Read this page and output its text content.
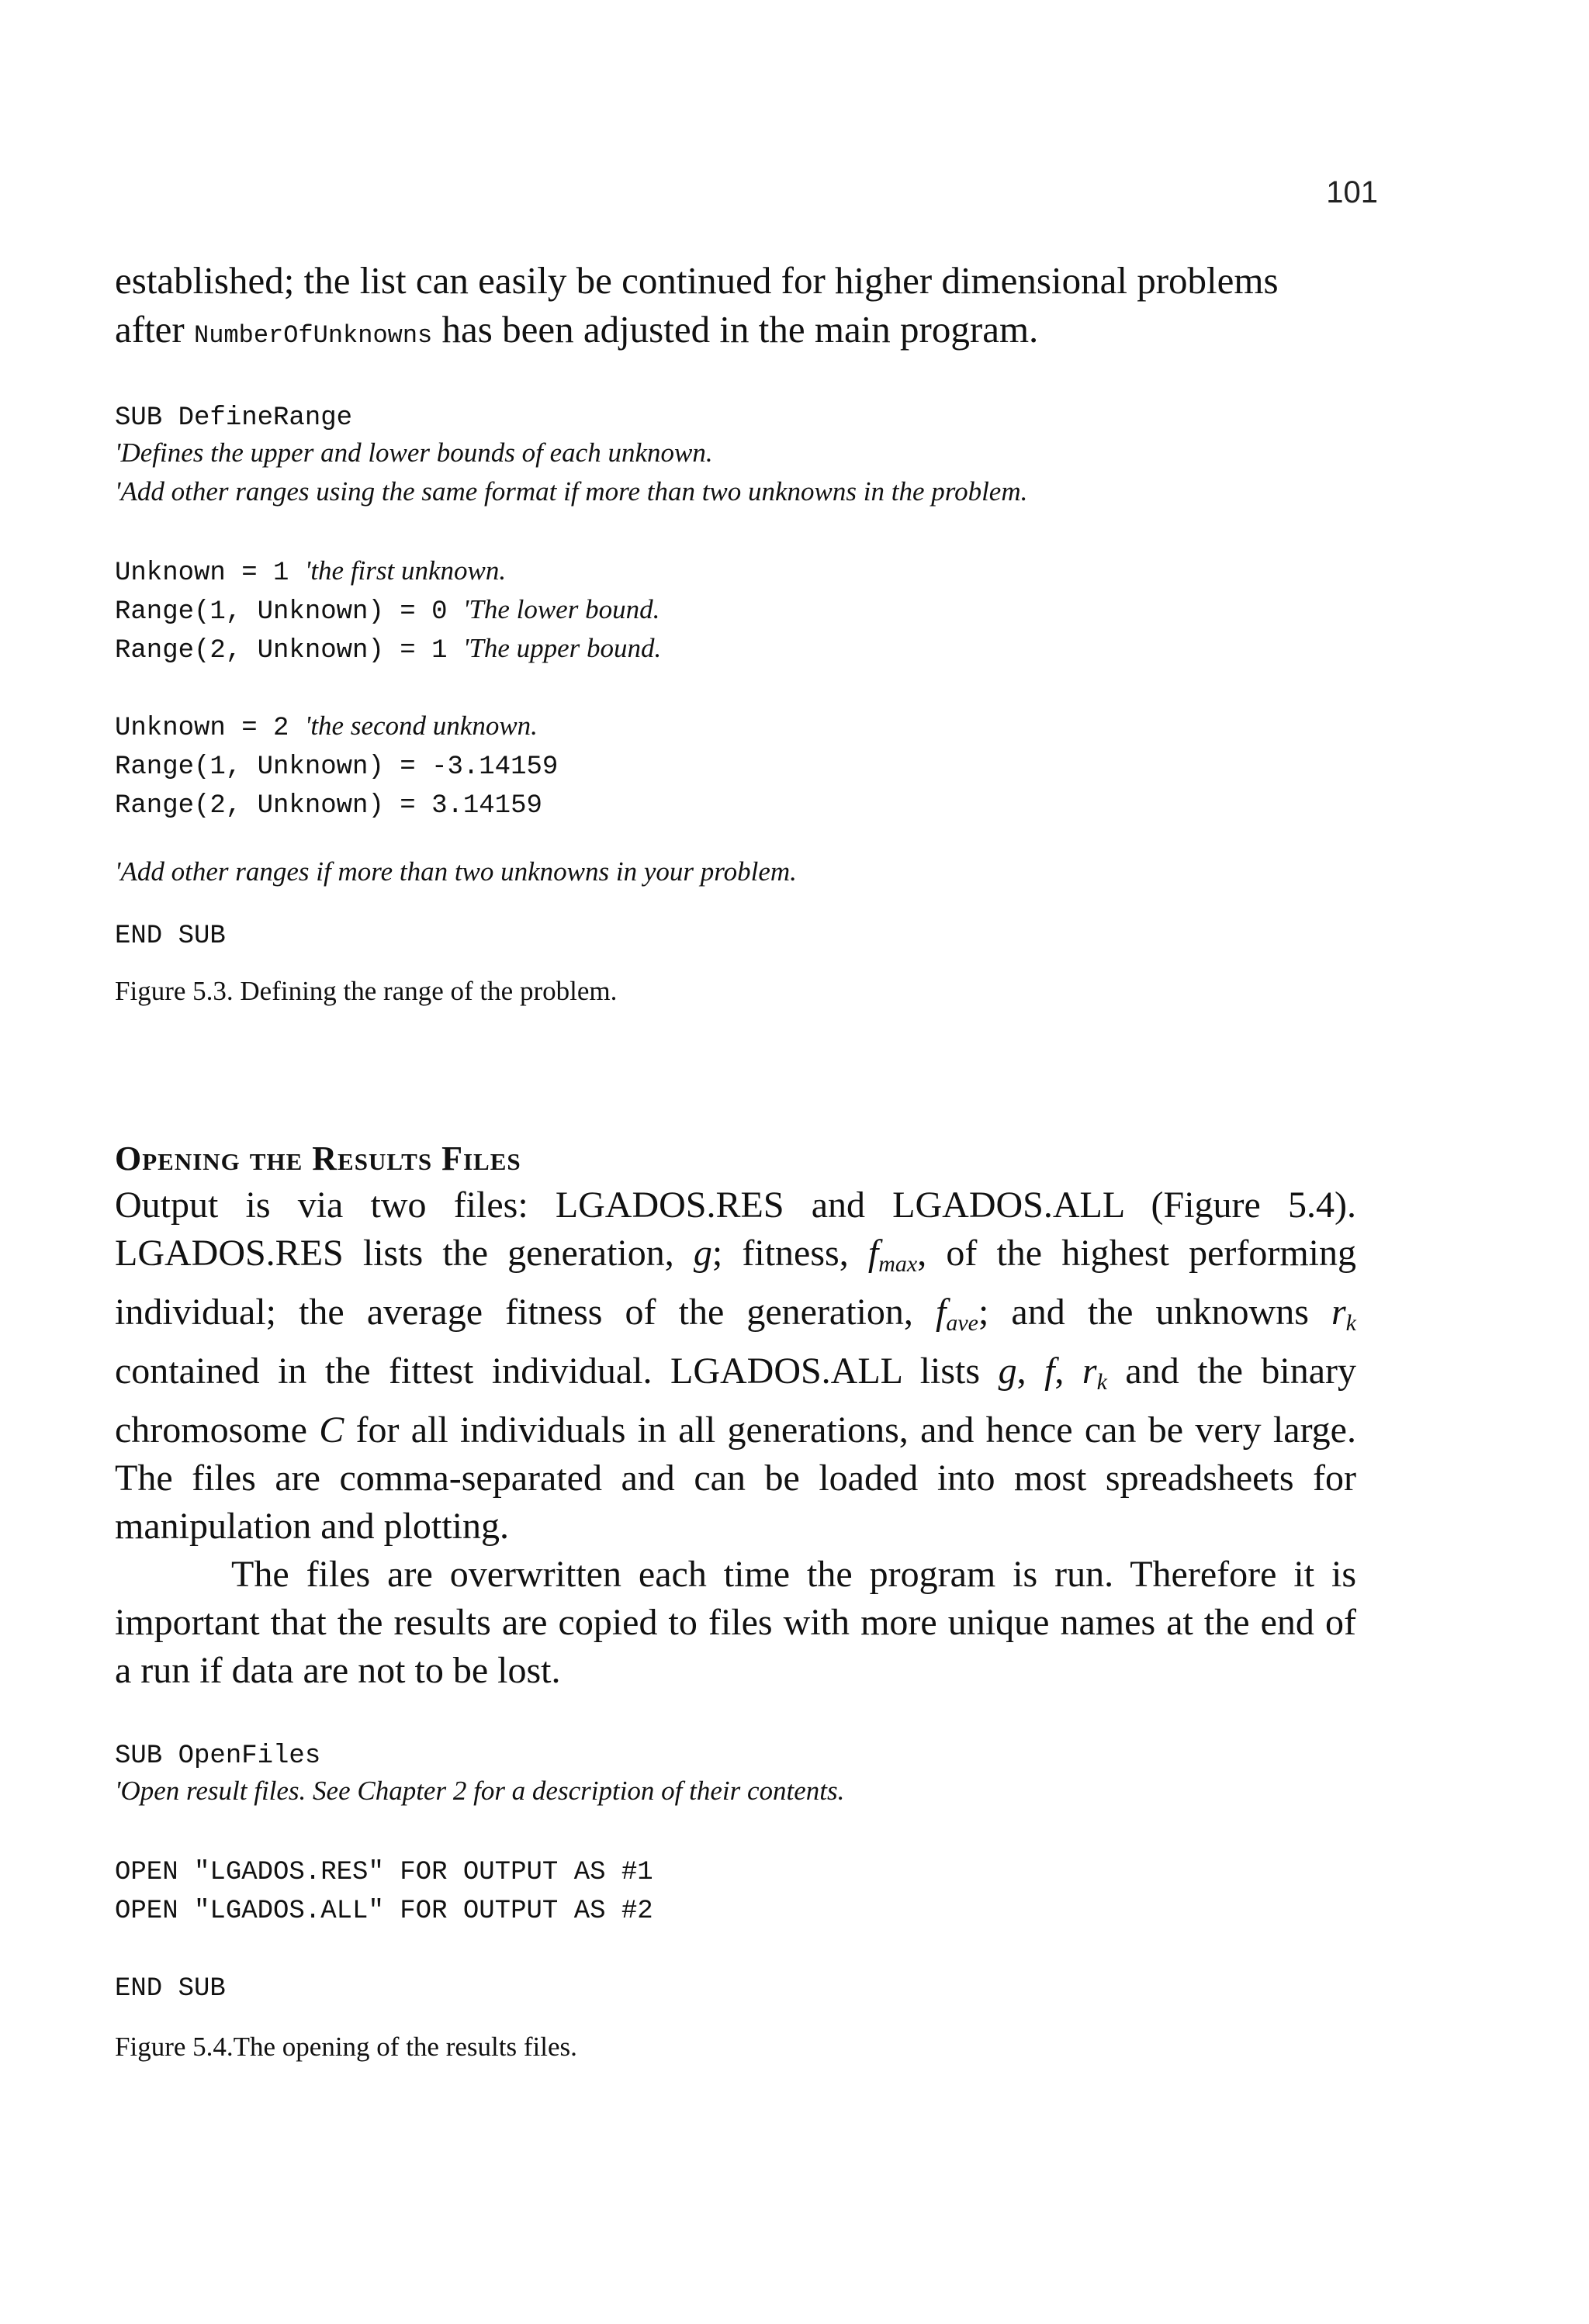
101

established; the list can easily be continued for higher dimensional problems
after NumberOfUnknowns has been adjusted in the main program.

SUB DefineRange
'Defines the upper and lower bounds of each unknown.
'Add other ranges using the same format if more than two unknowns in the problem.
Unknown = 1 'the first unknown.
Range(1, Unknown) = 0 'The lower bound.
Range(2, Unknown) = 1 'The upper bound.
Unknown = 2 'the second unknown.
Range(1, Unknown) = -3.14159
Range(2, Unknown) = 3.14159
'Add other ranges if more than two unknowns in your problem.
END SUB

Figure 5.3. Defining the range of the problem.

Opening the Results Files

Output is via two files: LGADOS.RES and LGADOS.ALL (Figure 5.4). LGADOS.RES lists the generation, g; fitness, $f_{max}$, of the highest performing individual; the average fitness of the generation, $f_{ave}$; and the unknowns $r_k$ contained in the fittest individual. LGADOS.ALL lists g, f, $r_k$ and the binary chromosome C for all individuals in all generations, and hence can be very large. The files are comma-separated and can be loaded into most spreadsheets for manipulation and plotting.

The files are overwritten each time the program is run. Therefore it is important that the results are copied to files with more unique names at the end of a run if data are not to be lost.

SUB OpenFiles
'Open result files. See Chapter 2 for a description of their contents.
OPEN "LGADOS.RES" FOR OUTPUT AS #1
OPEN "LGADOS.ALL" FOR OUTPUT AS #2
END SUB

Figure 5.4.The opening of the results files.
